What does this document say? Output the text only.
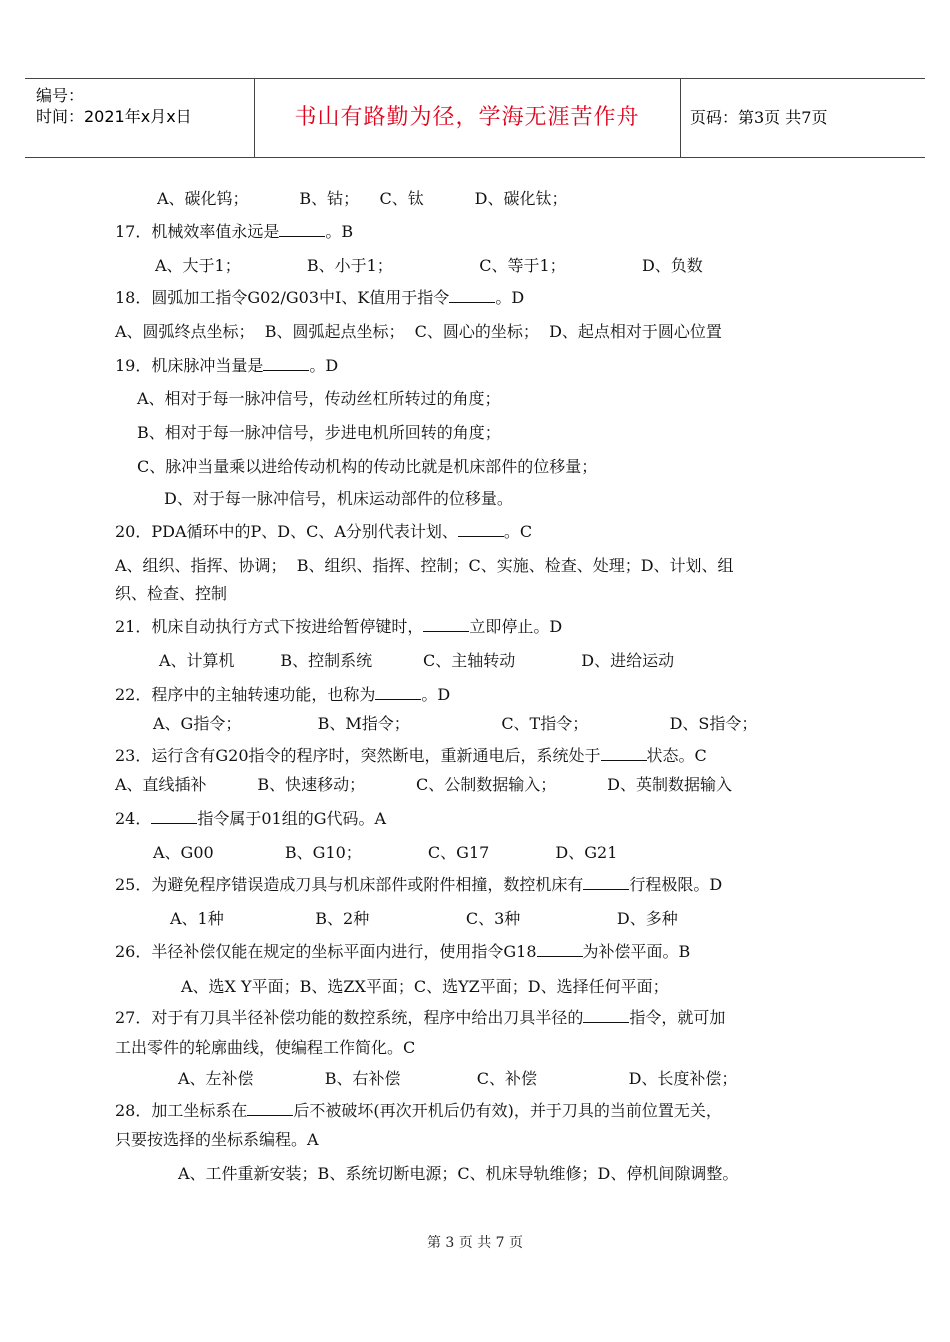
编号：
时间：2021年x月x日	书山有路勤为径，学海无涯苦作舟	页码：第3页 共7页
A、碳化钨；          B、钴；    C、钛          D、碳化钛；
17．机械效率值永远是	。B
A、大于1；             B、小于1；                 C、等于1；               D、负数
18．圆弧加工指令G02/G03中I、K值用于指令	。D
A、圆弧终点坐标；  B、圆弧起点坐标；  C、圆心的坐标；  D、起点相对于圆心位置
19．机床脉冲当量是	。D
A、相对于每一脉冲信号，传动丝杠所转过的角度；
B、相对于每一脉冲信号，步进电机所回转的角度；
C、脉冲当量乘以进给传动机构的传动比就是机床部件的位移量；
D、对于每一脉冲信号，机床运动部件的位移量。
20．PDA循环中的P、D、C、A分别代表计划、	。C
A、组织、指挥、协调；  B、组织、指挥、控制；C、实施、检查、处理；D、计划、组
织、检查、控制
21．机床自动执行方式下按进给暂停键时，	立即停止。D
A、计算机         B、控制系统          C、主轴转动             D、进给运动
22．程序中的主轴转速功能，也称为	。D
A、G指令；               B、M指令；                  C、T指令；                D、S指令；
23．运行含有G20指令的程序时，突然断电，重新通电后，系统处于	状态。C
A、直线插补          B、快速移动；          C、公制数据输入；          D、英制数据输入
24．	指令属于01组的G代码。A
A、G00              B、G10；             C、G17             D、G21
25．为避免程序错误造成刀具与机床部件或附件相撞，数控机床有	行程极限。D
A、1种                  B、2种                   C、3种                   D、多种
26．半径补偿仅能在规定的坐标平面内进行，使用指令G18	为补偿平面。B
A、选X Y平面；B、选ZX平面；C、选YZ平面；D、选择任何平面；
27．对于有刀具半径补偿功能的数控系统，程序中给出刀具半径的	指令，就可加
工出零件的轮廓曲线，使编程工作简化。C
A、左补偿              B、右补偿               C、补偿                  D、长度补偿；
28．加工坐标系在	后不被破坏(再次开机后仍有效)，并于刀具的当前位置无关，
只要按选择的坐标系编程。A
A、工件重新安装；B、系统切断电源；C、机床导轨维修；D、停机间隙调整。
第 3 页 共 7 页
